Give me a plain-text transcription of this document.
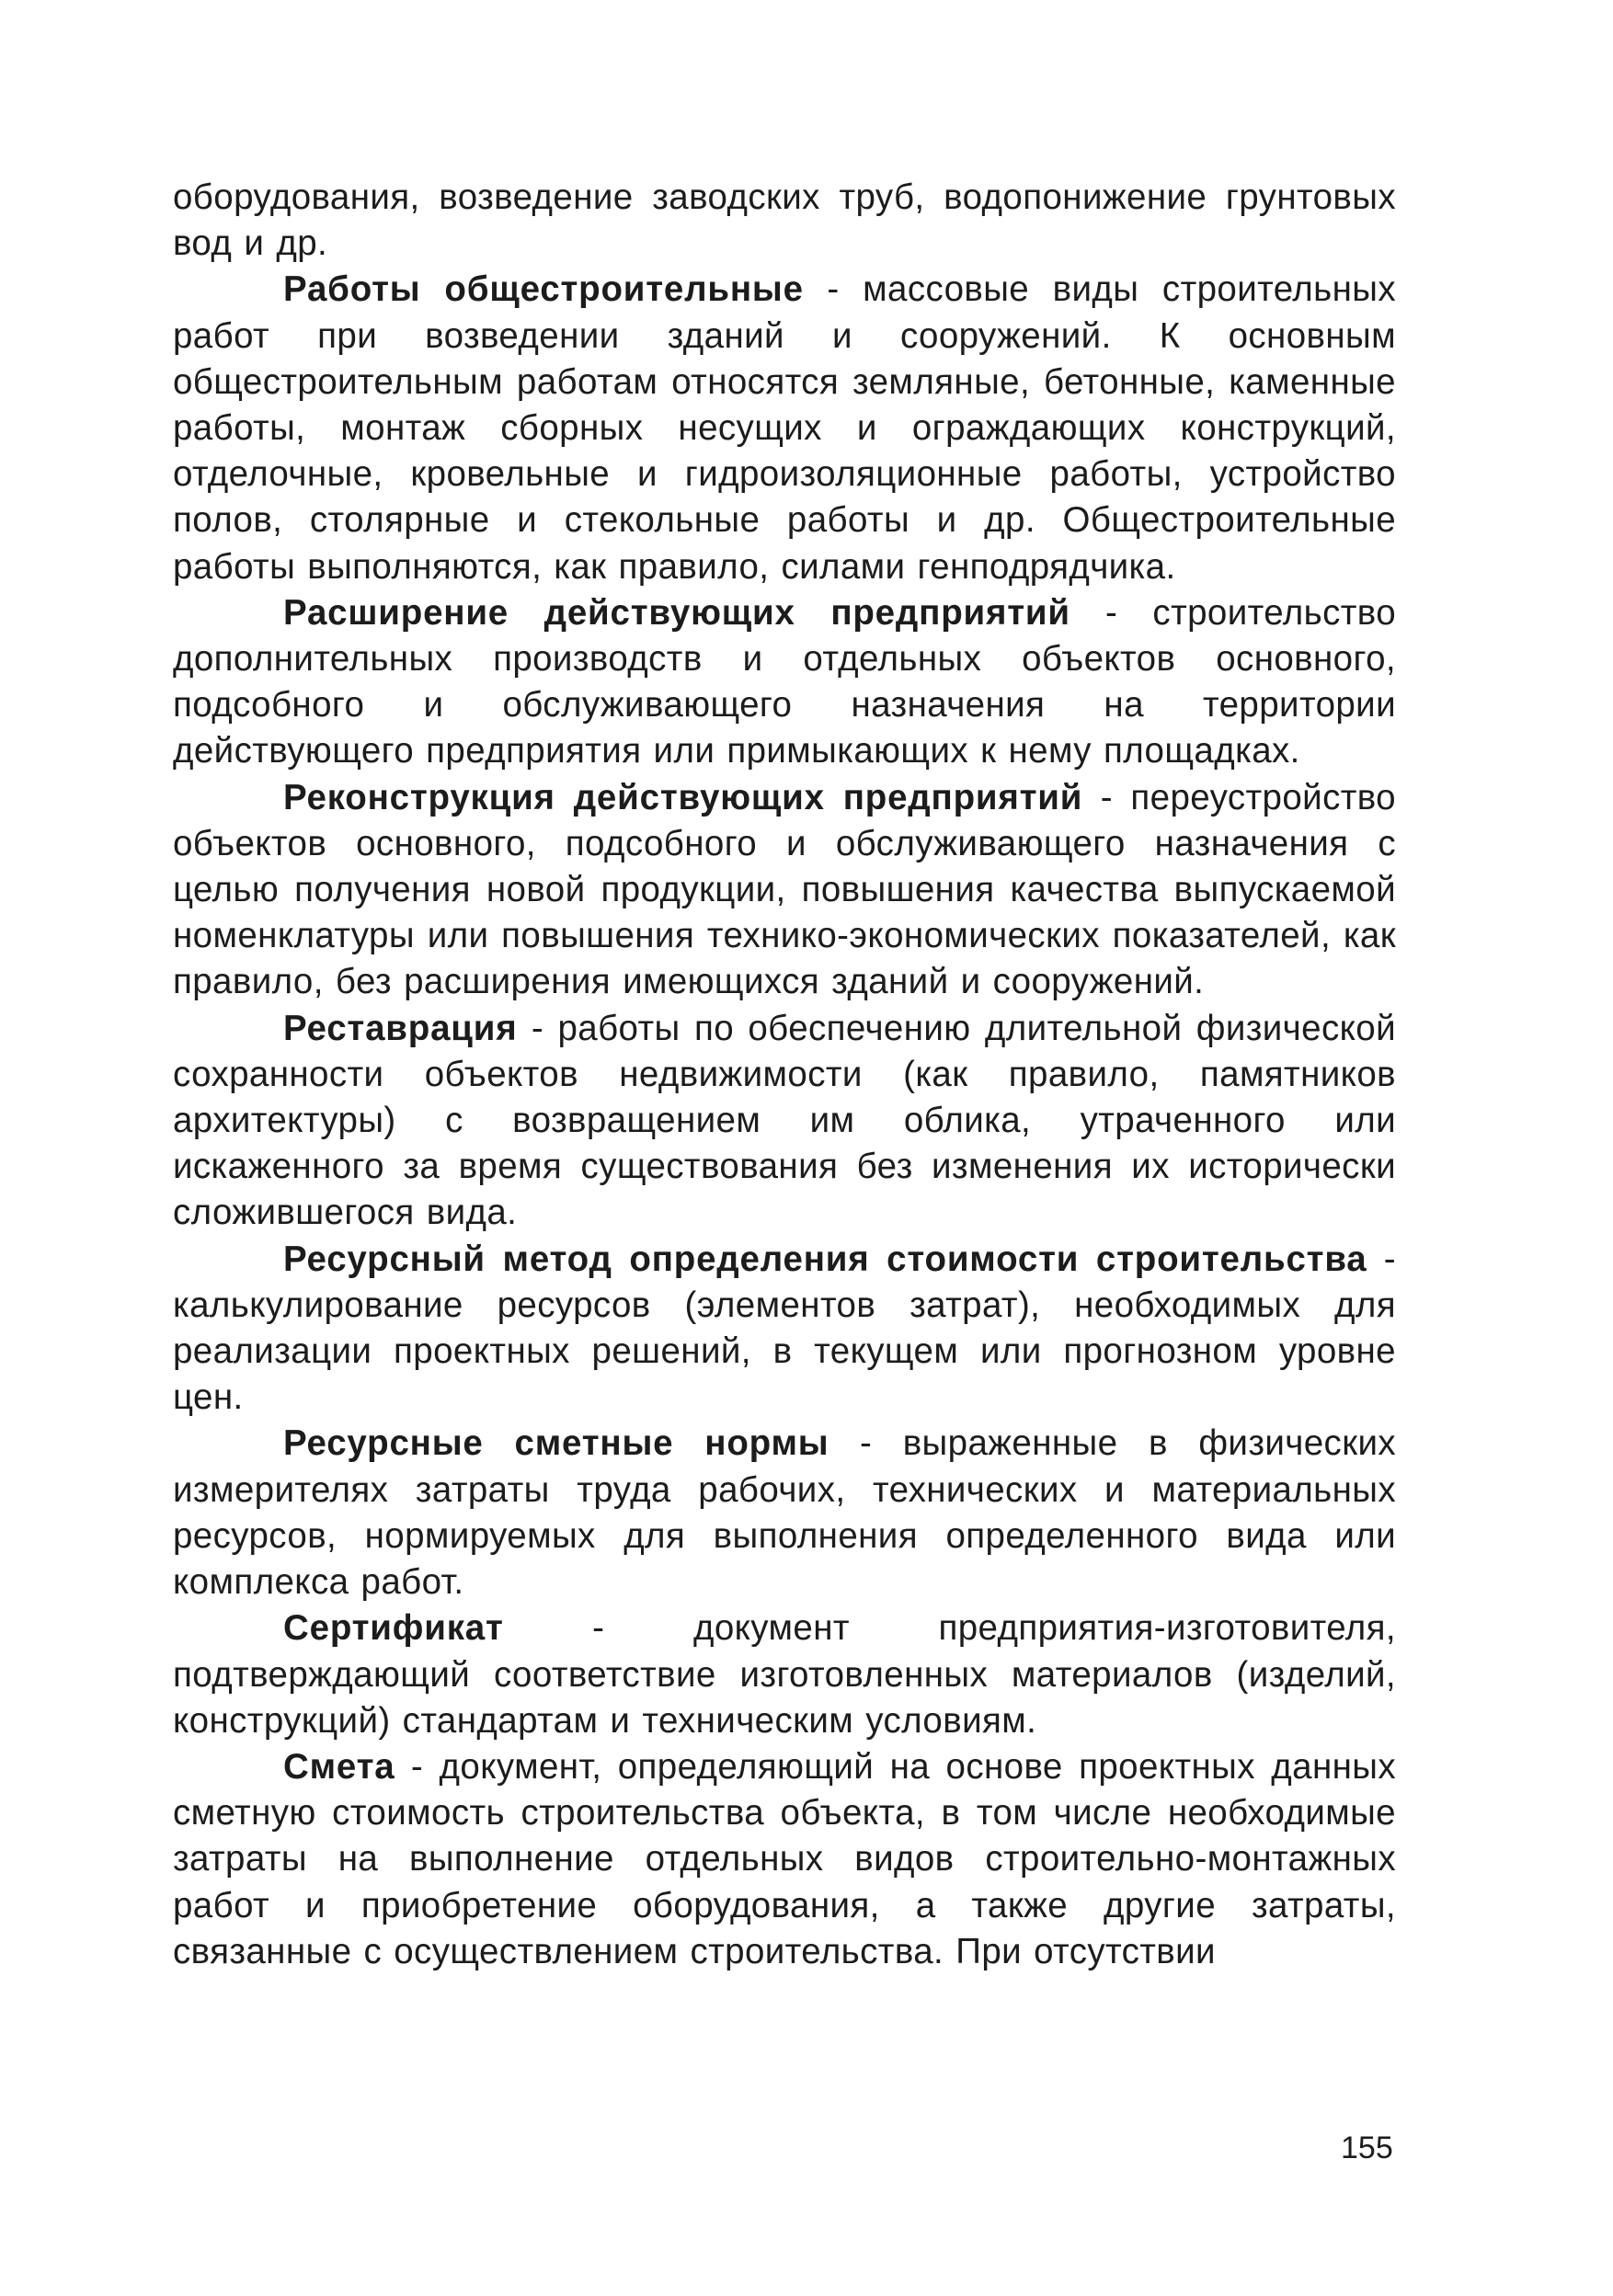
оборудования, возведение заводских труб, водопонижение грунтовых вод и др.

Работы общестроительные - массовые виды строительных работ при возведении зданий и сооружений. К основным общестроительным работам относятся земляные, бетонные, каменные работы, монтаж сборных несущих и ограждающих конструкций, отделочные, кровельные и гидроизоляционные работы, устройство полов, столярные и стекольные работы и др. Общестроительные работы выполняются, как правило, силами генподрядчика.

Расширение действующих предприятий - строительство дополнительных производств и отдельных объектов основного, подсобного и обслуживающего назначения на территории действующего предприятия или примыкающих к нему площадках.

Реконструкция действующих предприятий - переустройство объектов основного, подсобного и обслуживающего назначения с целью получения новой продукции, повышения качества выпускаемой номенклатуры или повышения технико-экономических показателей, как правило, без расширения имеющихся зданий и сооружений.

Реставрация - работы по обеспечению длительной физической сохранности объектов недвижимости (как правило, памятников архитектуры) с возвращением им облика, утраченного или искаженного за время существования без изменения их исторически сложившегося вида.

Ресурсный метод определения стоимости строительства - калькулирование ресурсов (элементов затрат), необходимых для реализации проектных решений, в текущем или прогнозном уровне цен.

Ресурсные сметные нормы - выраженные в физических измерителях затраты труда рабочих, технических и материальных ресурсов, нормируемых для выполнения определенного вида или комплекса работ.

Сертификат - документ предприятия-изготовителя, подтверждающий соответствие изготовленных материалов (изделий, конструкций) стандартам и техническим условиям.

Смета - документ, определяющий на основе проектных данных сметную стоимость строительства объекта, в том числе необходимые затраты на выполнение отдельных видов строительно-монтажных работ и приобретение оборудования, а также другие затраты, связанные с осуществлением строительства. При отсутствии

155
